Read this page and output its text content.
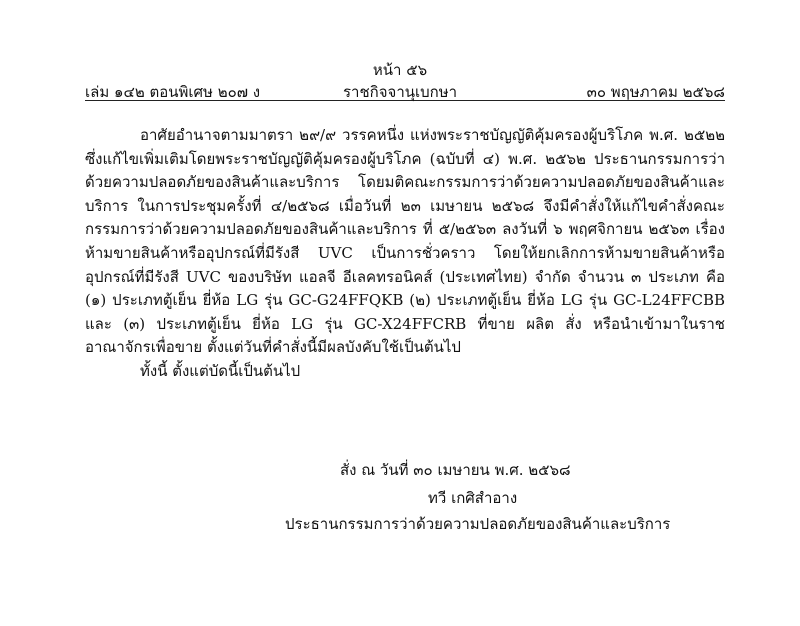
หน้า ๕๖
เล่ม ๑๔๒ ตอนพิเศษ ๒๐๗ ง	ราชกิจจานุเบกษา	๓๐ พฤษภาคม ๒๕๖๘

อาศัยอำนาจตามมาตรา ๒๙/๙ วรรคหนึ่ง แห่งพระราชบัญญัติคุ้มครองผู้บริโภค พ.ศ. ๒๕๒๒ ซึ่งแก้ไขเพิ่มเติมโดยพระราชบัญญัติคุ้มครองผู้บริโภค (ฉบับที่ ๔) พ.ศ. ๒๕๖๒ ประธานกรรมการว่าด้วยความปลอดภัยของสินค้าและบริการ โดยมติคณะกรรมการว่าด้วยความปลอดภัยของสินค้าและบริการ ในการประชุมครั้งที่ ๔/๒๕๖๘ เมื่อวันที่ ๒๓ เมษายน ๒๕๖๘ จึงมีคำสั่งให้แก้ไขคำสั่งคณะกรรมการว่าด้วยความปลอดภัยของสินค้าและบริการ ที่ ๕/๒๕๖๓ ลงวันที่ ๖ พฤศจิกายน ๒๕๖๓ เรื่อง ห้ามขายสินค้าหรืออุปกรณ์ที่มีรังสี UVC เป็นการชั่วคราว โดยให้ยกเลิกการห้ามขายสินค้าหรืออุปกรณ์ที่มีรังสี UVC ของบริษัท แอลจี อีเลคทรอนิคส์ (ประเทศไทย) จำกัด จำนวน ๓ ประเภท คือ (๑) ประเภทตู้เย็น ยี่ห้อ LG รุ่น GC-G24FFQKB (๒) ประเภทตู้เย็น ยี่ห้อ LG รุ่น GC-L24FFCBB และ (๓) ประเภทตู้เย็น ยี่ห้อ LG รุ่น GC-X24FFCRB ที่ขาย ผลิต สั่ง หรือนำเข้ามาในราชอาณาจักรเพื่อขาย ตั้งแต่วันที่คำสั่งนี้มีผลบังคับใช้เป็นต้นไป

ทั้งนี้ ตั้งแต่บัดนี้เป็นต้นไป

สั่ง ณ วันที่ ๓๐ เมษายน พ.ศ. ๒๕๖๘
ทวี เกศิสำอาง
ประธานกรรมการว่าด้วยความปลอดภัยของสินค้าและบริการ
